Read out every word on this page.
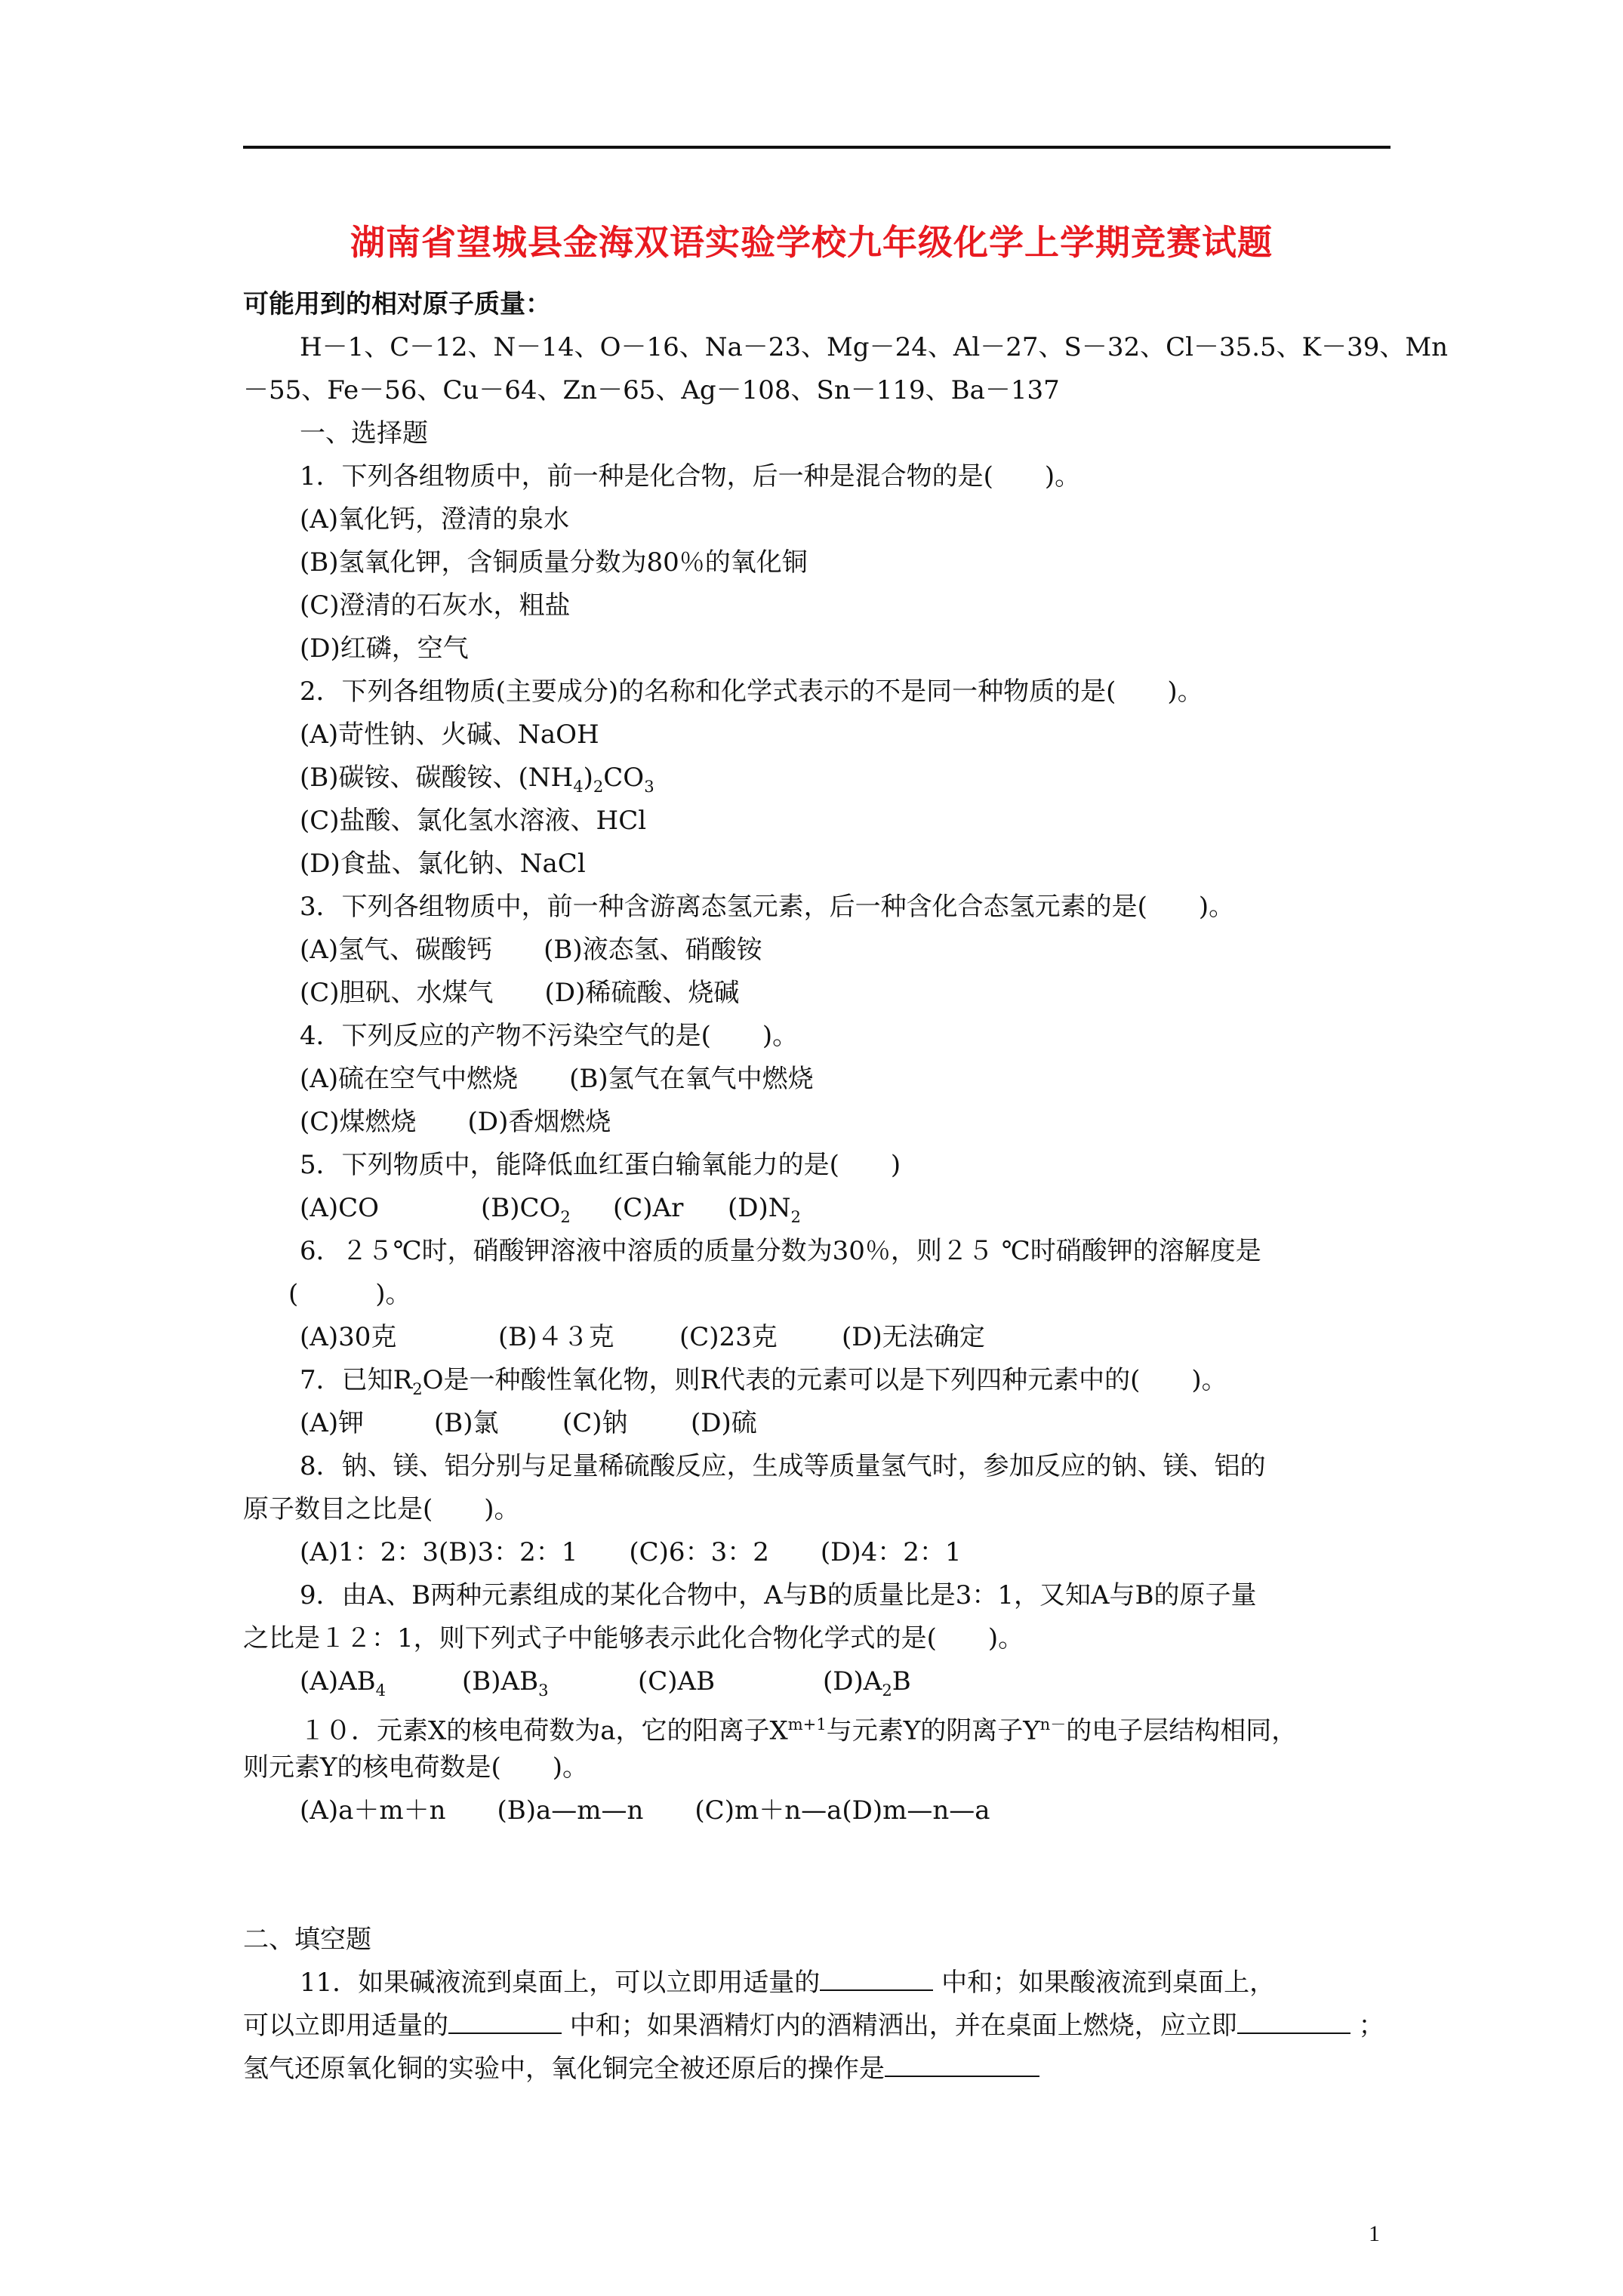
湖南省望城县金海双语实验学校九年级化学上学期竞赛试题
可能用到的相对原子质量：
H－1、C－12、N－14、O－16、Na－23、Mg－24、Al－27、S－32、Cl－35.5、K－39、Mn
－55、Fe－56、Cu－64、Zn－65、Ag－108、Sn－119、Ba－137
一、选择题
1．下列各组物质中，前一种是化合物，后一种是混合物的是(　　)。
(A)氧化钙，澄清的泉水
(B)氢氧化钾，含铜质量分数为80％的氧化铜
(C)澄清的石灰水，粗盐
(D)红磷，空气
2．下列各组物质(主要成分)的名称和化学式表示的不是同一种物质的是(　　)。
(A)苛性钠、火碱、NaOH
(B)碳铵、碳酸铵、$(NH_4)_2CO_3$
(C)盐酸、氯化氢水溶液、HCl
(D)食盐、氯化钠、NaCl
3．下列各组物质中，前一种含游离态氢元素，后一种含化合态氢元素的是(　　)。
(A)氢气、碳酸钙　　(B)液态氢、硝酸铵
(C)胆矾、水煤气　　(D)稀硫酸、烧碱
4．下列反应的产物不污染空气的是(　　)。
(A)硫在空气中燃烧　　(B)氢气在氧气中燃烧
(C)煤燃烧　　(D)香烟燃烧
5．下列物质中，能降低血红蛋白输氧能力的是(　　)
(A)CO	$(B)CO_2$ (C)Ar $(D)N_2$
6．２５℃时，硝酸钾溶液中溶质的质量分数为30％，则２５ ℃时硝酸钾的溶解度是
(　　　)。
(A)30克	(B)４３克	(C)23克	(D)无法确定
7．已知$R_2O$是一种酸性氧化物，则R代表的元素可以是下列四种元素中的(　　)。
(A)钾	(B)氯 (C)钠 (D)硫
8．钠、镁、铝分别与足量稀硫酸反应，生成等质量氢气时，参加反应的钠、镁、铝的
原子数目之比是(　　)。
(A)1：2：3(B)3：2：1　　(C)6：3：2　　(D)4：2：1
9．由A、B两种元素组成的某化合物中，A与B的质量比是3：1，又知A与B的原子量
之比是１２：1，则下列式子中能够表示此化合物化学式的是(　　)。
$(A)AB_4$	$(B)AB_3$	(C)AB	$(D)A_2B$
１０．元素X的核电荷数为a，它的阳离子$X^{m+1}$与元素Y的阴离子$Y^{n-}$的电子层结构相同，
则元素Y的核电荷数是(　　)。
(A)a＋m＋n　　(B)a—m—n　　(C)m＋n—a(D)m—n—a
二、填空题
11．如果碱液流到桌面上，可以立即用适量的	中和；如果酸液流到桌面上，
可以立即用适量的	中和；如果酒精灯内的酒精洒出，并在桌面上燃烧，应立即	；
氢气还原氧化铜的实验中，氧化铜完全被还原后的操作是
1
